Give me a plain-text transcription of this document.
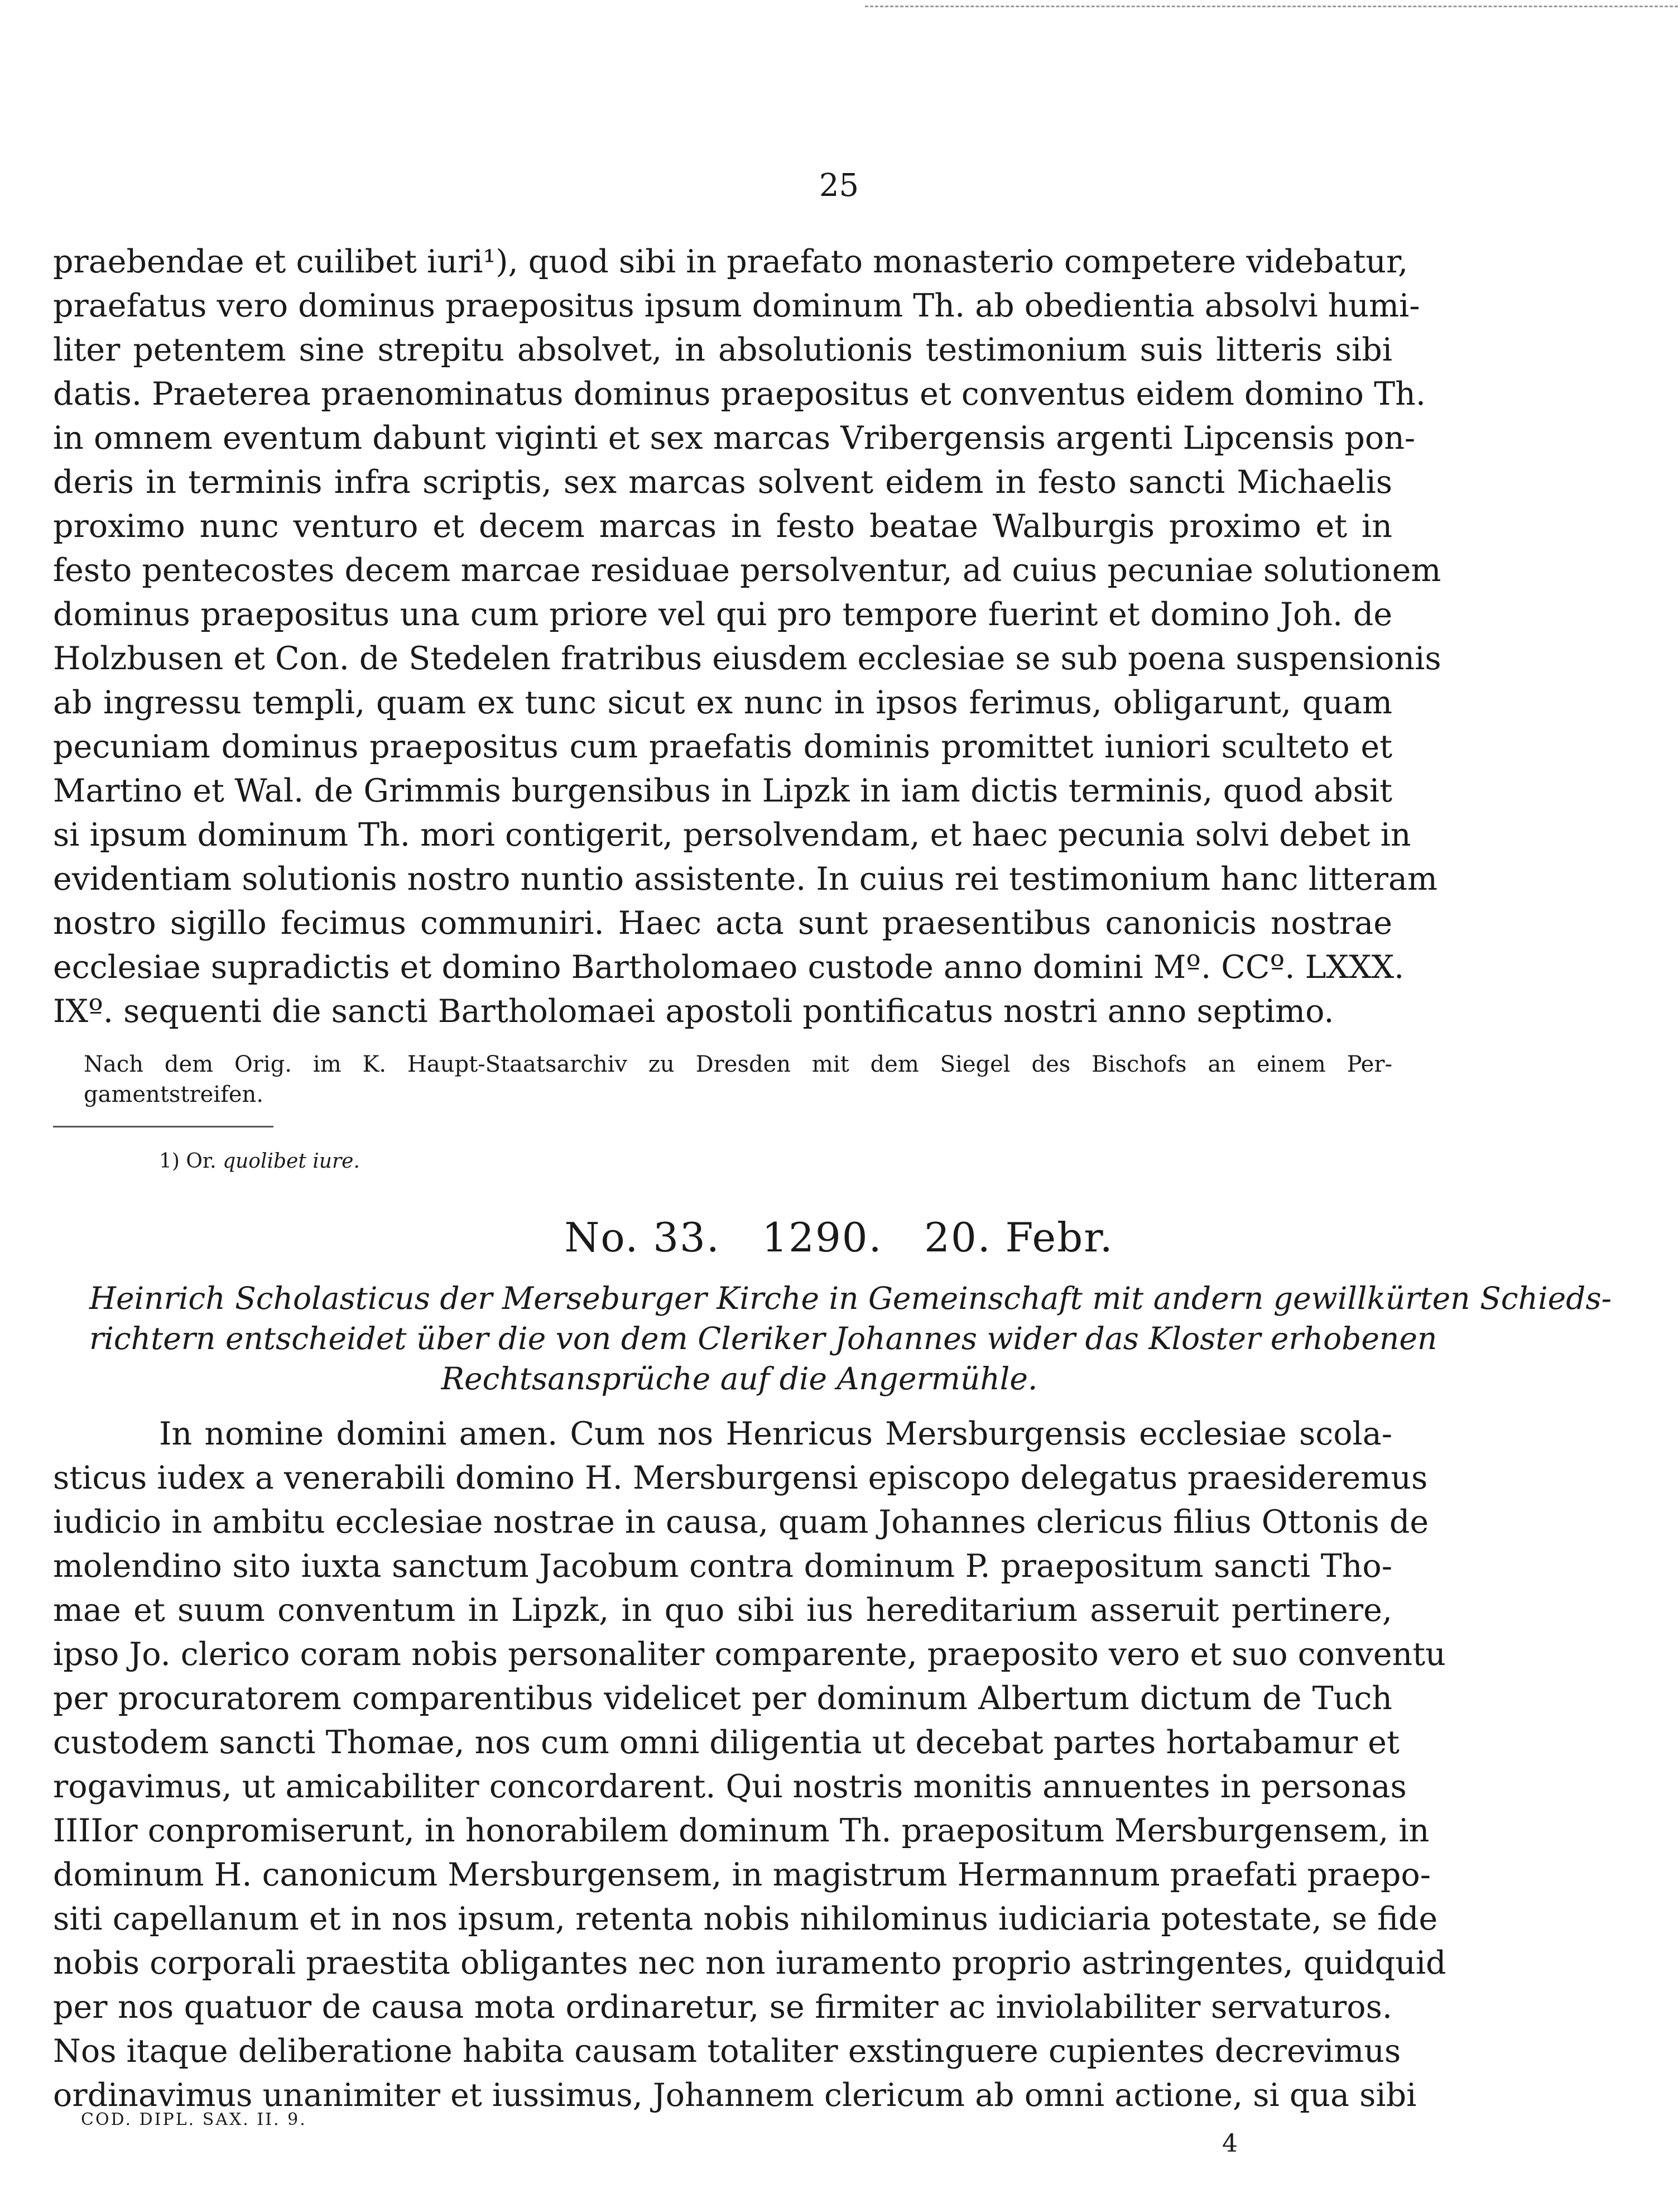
25
praebendae et cuilibet iuri¹), quod sibi in praefato monasterio competere videbatur,
praefatus vero dominus praepositus ipsum dominum Th. ab obedientia absolvi humi-
liter petentem sine strepitu absolvet, in absolutionis testimonium suis litteris sibi
datis. Praeterea praenominatus dominus praepositus et conventus eidem domino Th.
in omnem eventum dabunt viginti et sex marcas Vribergensis argenti Lipcensis pon-
deris in terminis infra scriptis, sex marcas solvent eidem in festo sancti Michaelis
proximo nunc venturo et decem marcas in festo beatae Walburgis proximo et in
festo pentecostes decem marcae residuae persolventur, ad cuius pecuniae solutionem
dominus praepositus una cum priore vel qui pro tempore fuerint et domino Joh. de
Holzbusen et Con. de Stedelen fratribus eiusdem ecclesiae se sub poena suspensionis
ab ingressu templi, quam ex tunc sicut ex nunc in ipsos ferimus, obligarunt, quam
pecuniam dominus praepositus cum praefatis dominis promittet iuniori sculteto et
Martino et Wal. de Grimmis burgensibus in Lipzk in iam dictis terminis, quod absit
si ipsum dominum Th. mori contigerit, persolvendam, et haec pecunia solvi debet in
evidentiam solutionis nostro nuntio assistente. In cuius rei testimonium hanc litteram
nostro sigillo fecimus communiri. Haec acta sunt praesentibus canonicis nostrae
ecclesiae supradictis et domino Bartholomaeo custode anno domini Mº. CCº. LXXX.
IXº. sequenti die sancti Bartholomaei apostoli pontificatus nostri anno septimo.
Nach dem Orig. im K. Haupt-Staatsarchiv zu Dresden mit dem Siegel des Bischofs an einem Per-
gamentstreifen.
1) Or. quolibet iure.
No. 33.   1290.   20. Febr.
Heinrich Scholasticus der Merseburger Kirche in Gemeinschaft mit andern gewillkürten Schieds-
richtern entscheidet über die von dem Cleriker Johannes wider das Kloster erhobenen
Rechtsansprüche auf die Angermühle.
In nomine domini amen. Cum nos Henricus Mersburgensis ecclesiae scola-
sticus iudex a venerabili domino H. Mersburgensi episcopo delegatus praesideremus
iudicio in ambitu ecclesiae nostrae in causa, quam Johannes clericus filius Ottonis de
molendino sito iuxta sanctum Jacobum contra dominum P. praepositum sancti Tho-
mae et suum conventum in Lipzk, in quo sibi ius hereditarium asseruit pertinere,
ipso Jo. clerico coram nobis personaliter comparente, praeposito vero et suo conventu
per procuratorem comparentibus videlicet per dominum Albertum dictum de Tuch
custodem sancti Thomae, nos cum omni diligentia ut decebat partes hortabamur et
rogavimus, ut amicabiliter concordarent. Qui nostris monitis annuentes in personas
IIIIor conpromiserunt, in honorabilem dominum Th. praepositum Mersburgensem, in
dominum H. canonicum Mersburgensem, in magistrum Hermannum praefati praepo-
siti capellanum et in nos ipsum, retenta nobis nihilominus iudiciaria potestate, se fide
nobis corporali praestita obligantes nec non iuramento proprio astringentes, quidquid
per nos quatuor de causa mota ordinaretur, se firmiter ac inviolabiliter servaturos.
Nos itaque deliberatione habita causam totaliter exstinguere cupientes decrevimus
ordinavimus unanimiter et iussimus, Johannem clericum ab omni actione, si qua sibi
COD. DIPL. SAX. II. 9.
4
